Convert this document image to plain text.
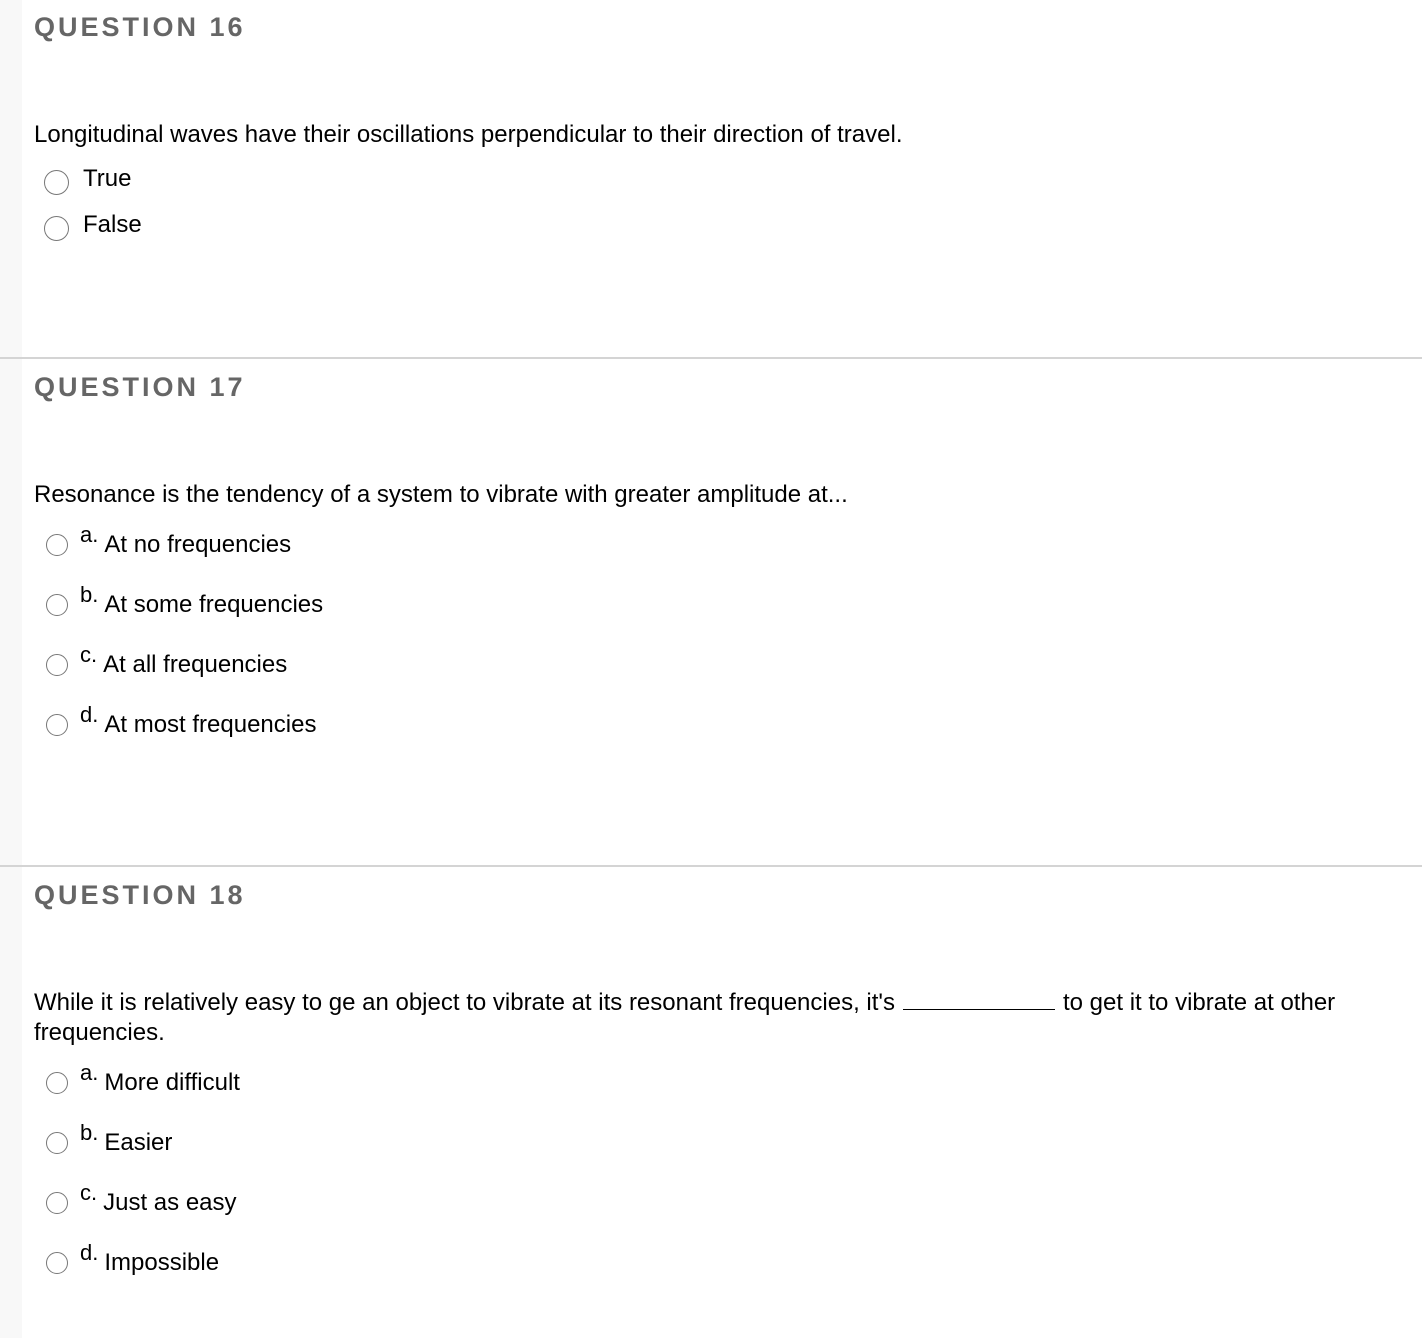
QUESTION 16
Longitudinal waves have their oscillations perpendicular to their direction of travel.
True
False
QUESTION 17
Resonance is the tendency of a system to vibrate with greater amplitude at...
a. At no frequencies
b. At some frequencies
c. At all frequencies
d. At most frequencies
QUESTION 18
While it is relatively easy to ge an object to vibrate at its resonant frequencies, it's	to get it to vibrate at other frequencies.
a. More difficult
b. Easier
c. Just as easy
d. Impossible
